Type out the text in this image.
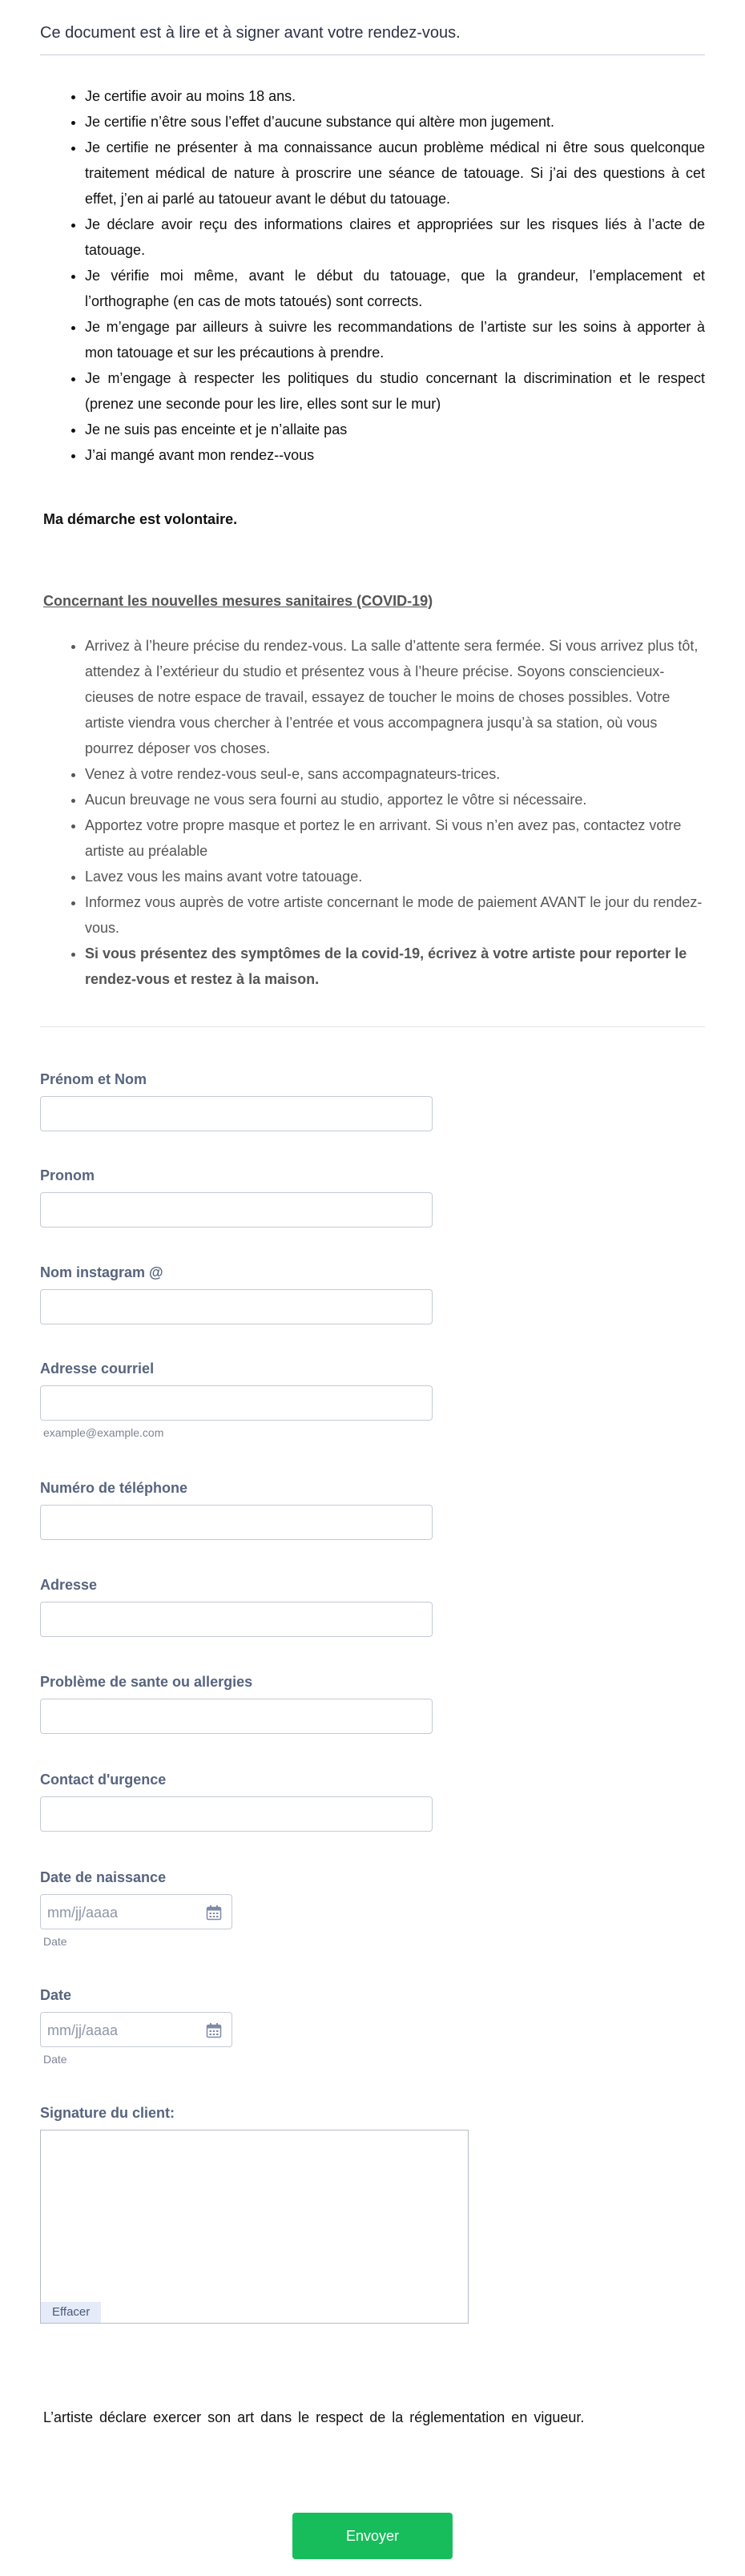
Ce document est à lire et à signer avant votre rendez-vous.
• Je certifie avoir au moins 18 ans.
• Je certifie n’être sous l’effet d’aucune substance qui altère mon jugement.
• Je certifie ne présenter à ma connaissance aucun problème médical ni être sous quelconque traitement médical de nature à proscrire une séance de tatouage. Si j’ai des questions à cet effet, j’en ai parlé au tatoueur avant le début du tatouage.
• Je déclare avoir reçu des informations claires et appropriées sur les risques liés à l’acte de tatouage.
• Je vérifie moi même, avant le début du tatouage, que la grandeur, l’emplacement et l’orthographe (en cas de mots tatoués) sont corrects.
• Je m’engage par ailleurs à suivre les recommandations de l’artiste sur les soins à apporter à mon tatouage et sur les précautions à prendre.
• Je m’engage à respecter les politiques du studio concernant la discrimination et le respect (prenez une seconde pour les lire, elles sont sur le mur)
• Je ne suis pas enceinte et je n’allaite pas
• J’ai mangé avant mon rendez--vous
Ma démarche est volontaire.
Concernant les nouvelles mesures sanitaires (COVID-19)
• Arrivez à l’heure précise du rendez-vous. La salle d’attente sera fermée. Si vous arrivez plus tôt, attendez à l’extérieur du studio et présentez vous à l’heure précise. Soyons consciencieux-cieuses de notre espace de travail, essayez de toucher le moins de choses possibles. Votre artiste viendra vous chercher à l’entrée et vous accompagnera jusqu’à sa station, où vous pourrez déposer vos choses.
• Venez à votre rendez-vous seul-e, sans accompagnateurs-trices.
• Aucun breuvage ne vous sera fourni au studio, apportez le vôtre si nécessaire.
• Apportez votre propre masque et portez le en arrivant. Si vous n’en avez pas, contactez votre artiste au préalable
• Lavez vous les mains avant votre tatouage.
• Informez vous auprès de votre artiste concernant le mode de paiement AVANT le jour du rendez-vous.
• Si vous présentez des symptômes de la covid-19, écrivez à votre artiste pour reporter le rendez-vous et restez à la maison.
Prénom et Nom
Pronom
Nom instagram @
Adresse courriel
example@example.com
Numéro de téléphone
Adresse
Problème de sante ou allergies
Contact d'urgence
Date de naissance
mm/jj/aaaa
Date
Date
mm/jj/aaaa
Date
Signature du client:
Effacer
L’artiste déclare exercer son art dans le respect de la réglementation en vigueur.
Envoyer
